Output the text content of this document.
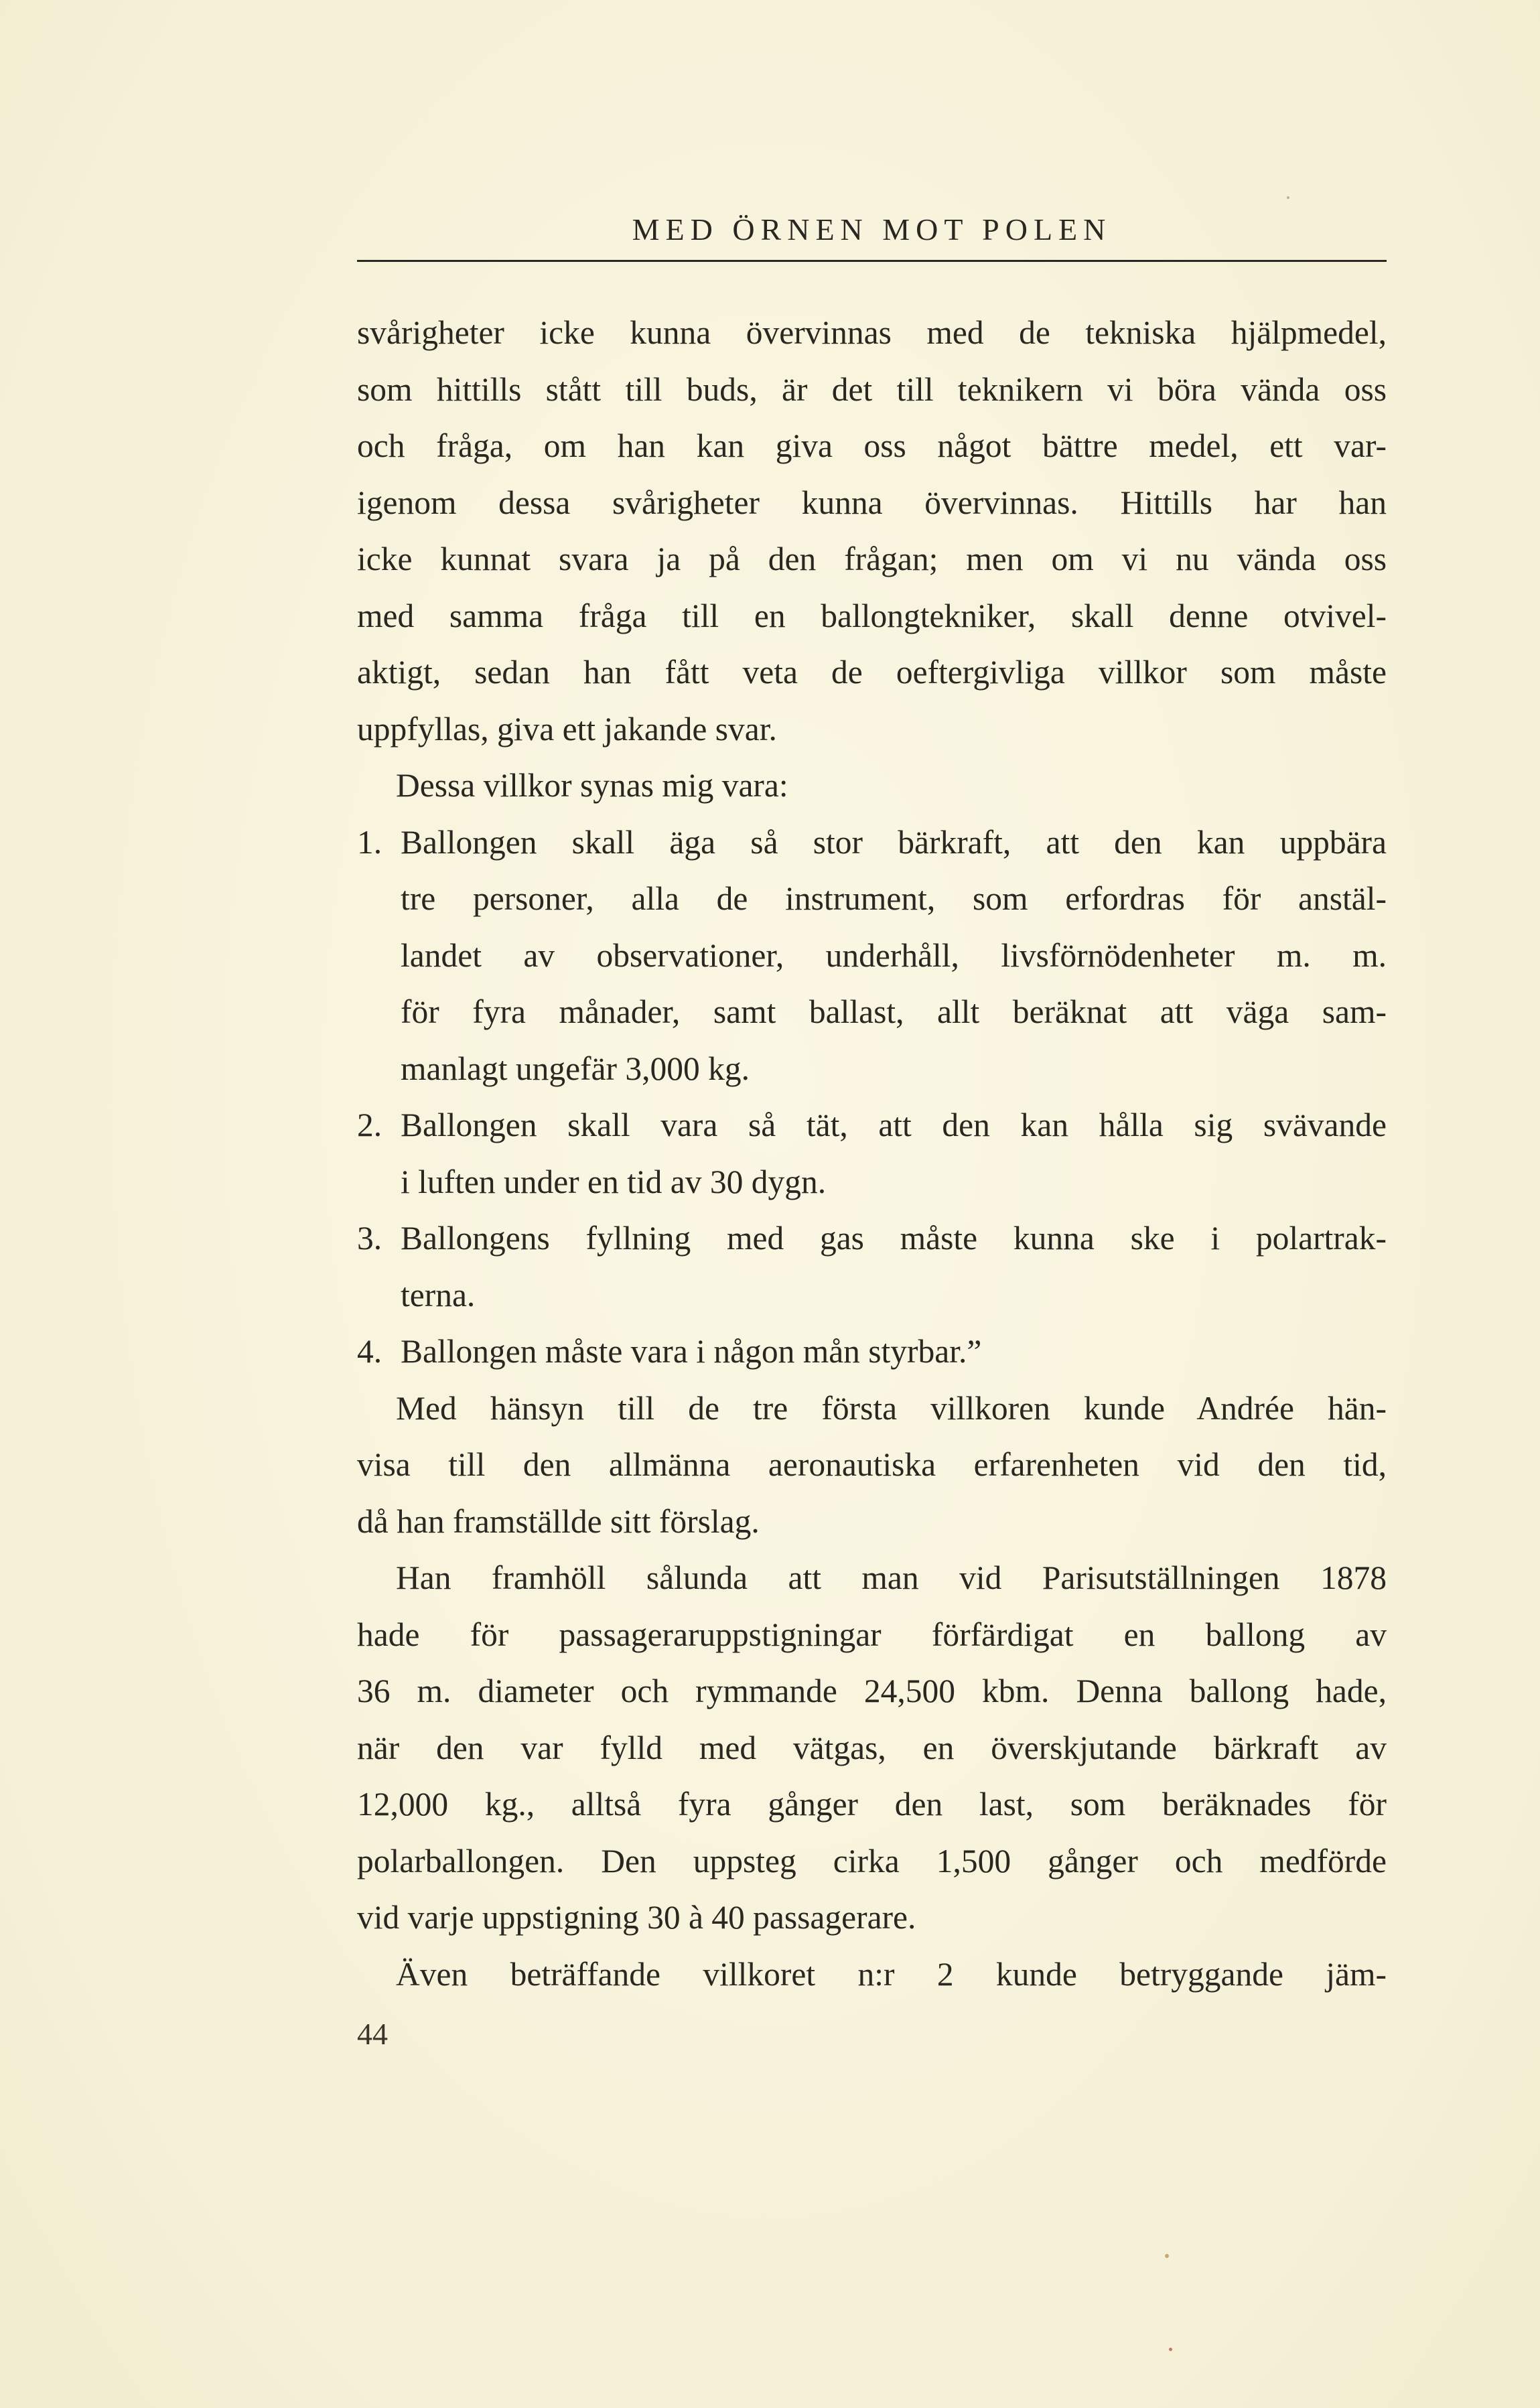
MED ÖRNEN MOT POLEN
svårigheter icke kunna övervinnas med de tekniska hjälpmedel,
som hittills stått till buds, är det till teknikern vi böra vända oss
och fråga, om han kan giva oss något bättre medel, ett var-
igenom dessa svårigheter kunna övervinnas. Hittills har han
icke kunnat svara ja på den frågan; men om vi nu vända oss
med samma fråga till en ballongtekniker, skall denne otvivel-
aktigt, sedan han fått veta de oeftergivliga villkor som måste
uppfyllas, giva ett jakande svar.
Dessa villkor synas mig vara:
1. Ballongen skall äga så stor bärkraft, att den kan uppbära
tre personer, alla de instrument, som erfordras för anstäl-
landet av observationer, underhåll, livsförnödenheter m. m.
för fyra månader, samt ballast, allt beräknat att väga sam-
manlagt ungefär 3,000 kg.
2. Ballongen skall vara så tät, att den kan hålla sig svävande
i luften under en tid av 30 dygn.
3. Ballongens fyllning med gas måste kunna ske i polartrak-
terna.
4. Ballongen måste vara i någon mån styrbar.”
Med hänsyn till de tre första villkoren kunde Andrée hän-
visa till den allmänna aeronautiska erfarenheten vid den tid,
då han framställde sitt förslag.
Han framhöll sålunda att man vid Parisutställningen 1878
hade för passageraruppstigningar förfärdigat en ballong av
36 m. diameter och rymmande 24,500 kbm. Denna ballong hade,
när den var fylld med vätgas, en överskjutande bärkraft av
12,000 kg., alltså fyra gånger den last, som beräknades för
polarballongen. Den uppsteg cirka 1,500 gånger och medförde
vid varje uppstigning 30 à 40 passagerare.
Även beträffande villkoret n:r 2 kunde betryggande jäm-
44
